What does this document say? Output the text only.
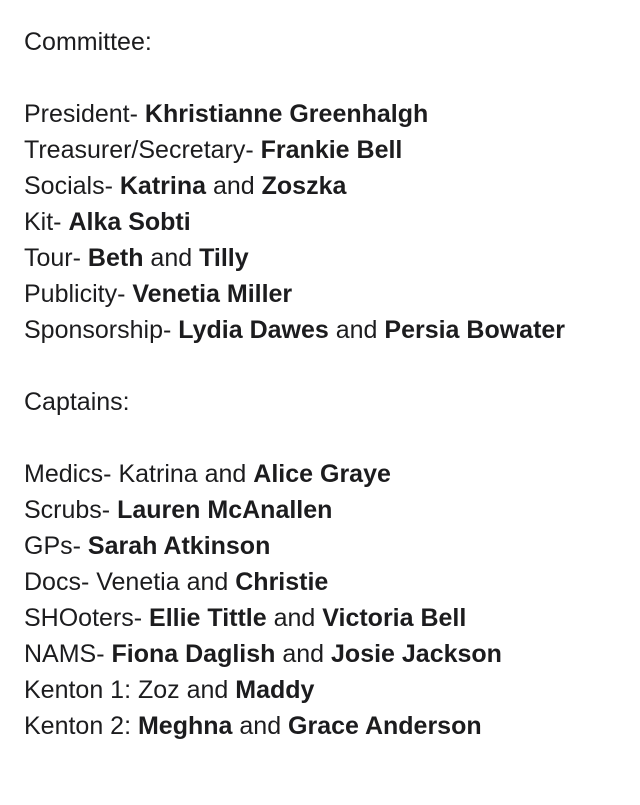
Committee:
President- Khristianne Greenhalgh
Treasurer/Secretary- Frankie Bell
Socials- Katrina and Zoszka
Kit- Alka Sobti
Tour- Beth and Tilly
Publicity- Venetia Miller
Sponsorship- Lydia Dawes and Persia Bowater
Captains:
Medics- Katrina and Alice Graye
Scrubs- Lauren McAnallen
GPs- Sarah Atkinson
Docs- Venetia and Christie
SHOoters- Ellie Tittle and Victoria Bell
NAMS- Fiona Daglish and Josie Jackson
Kenton 1: Zoz and Maddy
Kenton 2: Meghna and Grace Anderson
